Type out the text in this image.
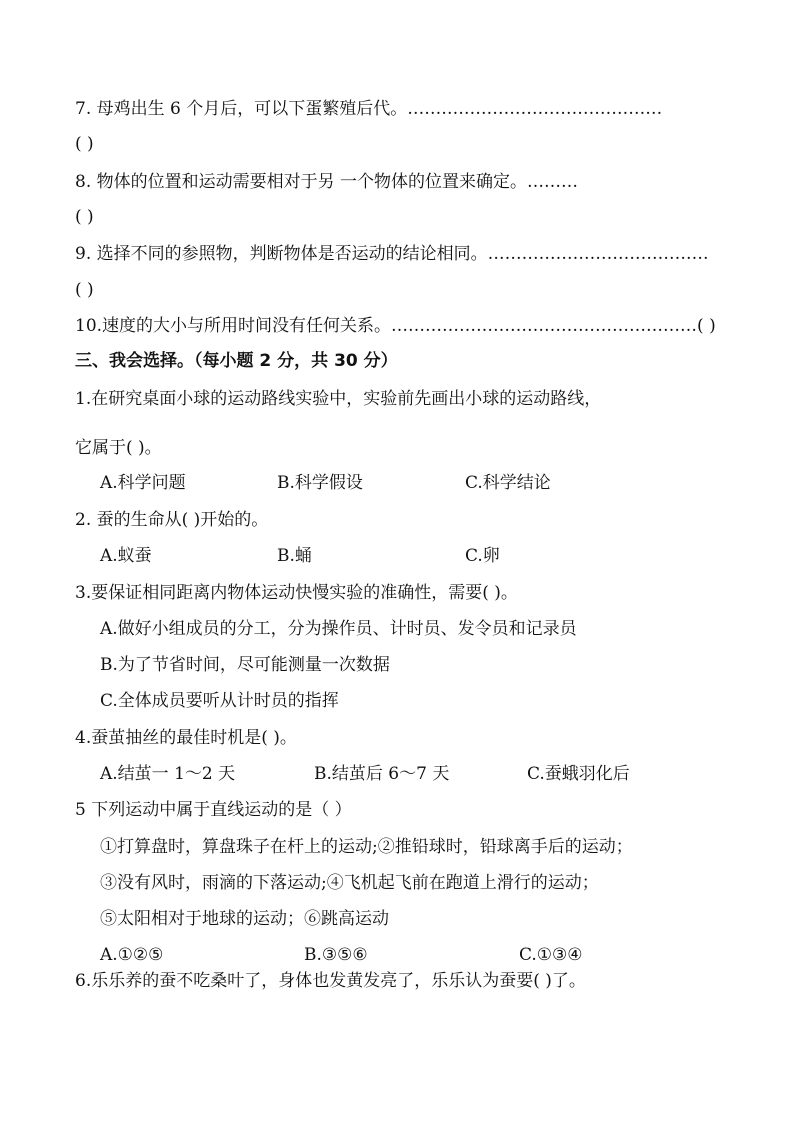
7. 母鸡出生 6 个月后，可以下蛋繁殖后代。………………………………………
( )
8. 物体的位置和运动需要相对于另 一个物体的位置来确定。………
( )
9. 选择不同的参照物，判断物体是否运动的结论相同。…………………………………
( )
10.速度的大小与所用时间没有任何关系。………………………………………………( )
三、我会选择。（每小题 2 分，共 30 分）
1.在研究桌面小球的运动路线实验中，实验前先画出小球的运动路线，
它属于( )。
A.科学问题	B.科学假设	C.科学结论
2. 蚕的生命从( )开始的。
A.蚁蚕	B.蛹	C.卵
3.要保证相同距离内物体运动快慢实验的准确性，需要( )。
A.做好小组成员的分工，分为操作员、计时员、发令员和记录员
B.为了节省时间，尽可能测量一次数据
C.全体成员要听从计时员的指挥
4.蚕茧抽丝的最佳时机是( )。
A.结茧一 1～2 天	B.结茧后 6～7 天	C.蚕蛾羽化后
5 下列运动中属于直线运动的是（ ）
①打算盘时，算盘珠子在杆上的运动;②推铅球时，铅球离手后的运动；
③没有风时，雨滴的下落运动;④飞机起飞前在跑道上滑行的运动；
⑤太阳相对于地球的运动；⑥跳高运动
A.①②⑤	B.③⑤⑥	C.①③④
6.乐乐养的蚕不吃桑叶了，身体也发黄发亮了，乐乐认为蚕要( )了。
